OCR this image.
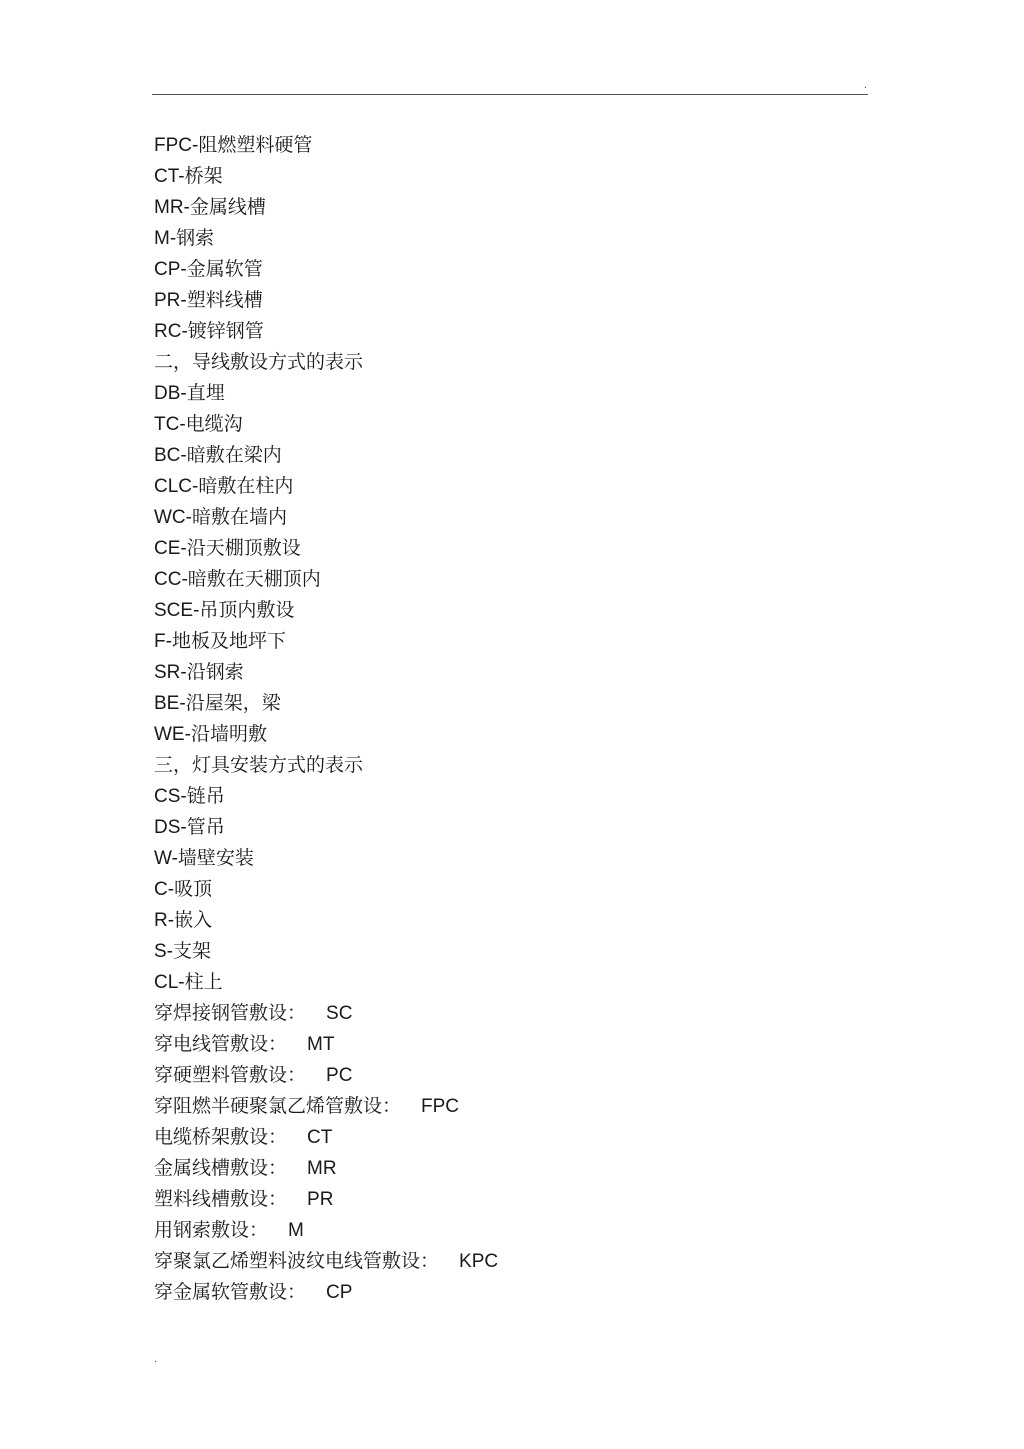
.
FPC-阻燃塑料硬管
CT-桥架
MR-金属线槽
M-钢索
CP-金属软管
PR-塑料线槽
RC-镀锌钢管
二，导线敷设方式的表示
DB-直埋
TC-电缆沟
BC-暗敷在梁内
CLC-暗敷在柱内
WC-暗敷在墙内
CE-沿天棚顶敷设
CC-暗敷在天棚顶内
SCE-吊顶内敷设
F-地板及地坪下
SR-沿钢索
BE-沿屋架，梁
WE-沿墙明敷
三，灯具安装方式的表示
CS-链吊
DS-管吊
W-墙壁安装
C-吸顶
R-嵌入
S-支架
CL-柱上
穿焊接钢管敷设： SC
穿电线管敷设： MT
穿硬塑料管敷设： PC
穿阻燃半硬聚氯乙烯管敷设： FPC
电缆桥架敷设： CT
金属线槽敷设： MR
塑料线槽敷设： PR
用钢索敷设： M
穿聚氯乙烯塑料波纹电线管敷设： KPC
穿金属软管敷设： CP
.
